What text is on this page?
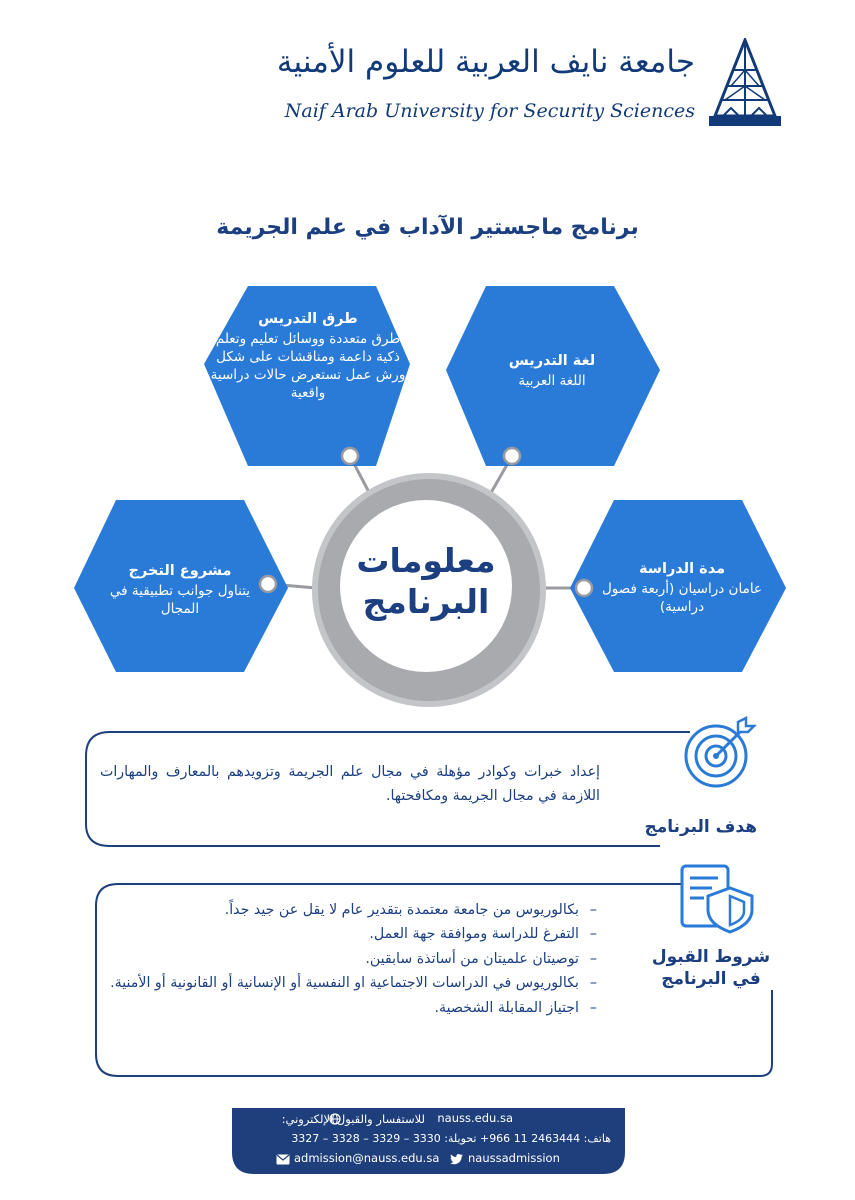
جامعة نايف العربية للعلوم الأمنية
Naif Arab University for Security Sciences
برنامج ماجستير الآداب في علم الجريمة
طرق التدريس
طرق متعددة ووسائل تعليم وتعلم ذكية داعمة ومناقشات على شكل ورش عمل تستعرض حالات دراسية واقعية
لغة التدريس
اللغة العربية
مشروع التخرج
يتناول جوانب تطبيقية في المجال
مدة الدراسة
عامان دراسيان (أربعة فصول دراسية)
معلومات
البرنامج
إعداد خبرات وكوادر مؤهلة في مجال علم الجريمة وتزويدهم بالمعارف والمهارات اللازمة في مجال الجريمة ومكافحتها.
هدف البرنامج
– بكالوريوس من جامعة معتمدة بتقدير عام لا يقل عن جيد جداً.
– التفرغ للدراسة وموافقة جهة العمل.
– توصيتان علميتان من أساتذة سابقين.
– بكالوريوس في الدراسات الاجتماعية او النفسية أو الإنسانية أو القانونية أو الأمنية.
– اجتياز المقابلة الشخصية.
شروط القبول
في البرنامج
للاستفسار والقبول الإلكتروني: nauss.edu.sa
هاتف: 2463444 11 966+ تحويلة: 3330 – 3329 – 3328 – 3327
admission@nauss.edu.sa naussadmission
